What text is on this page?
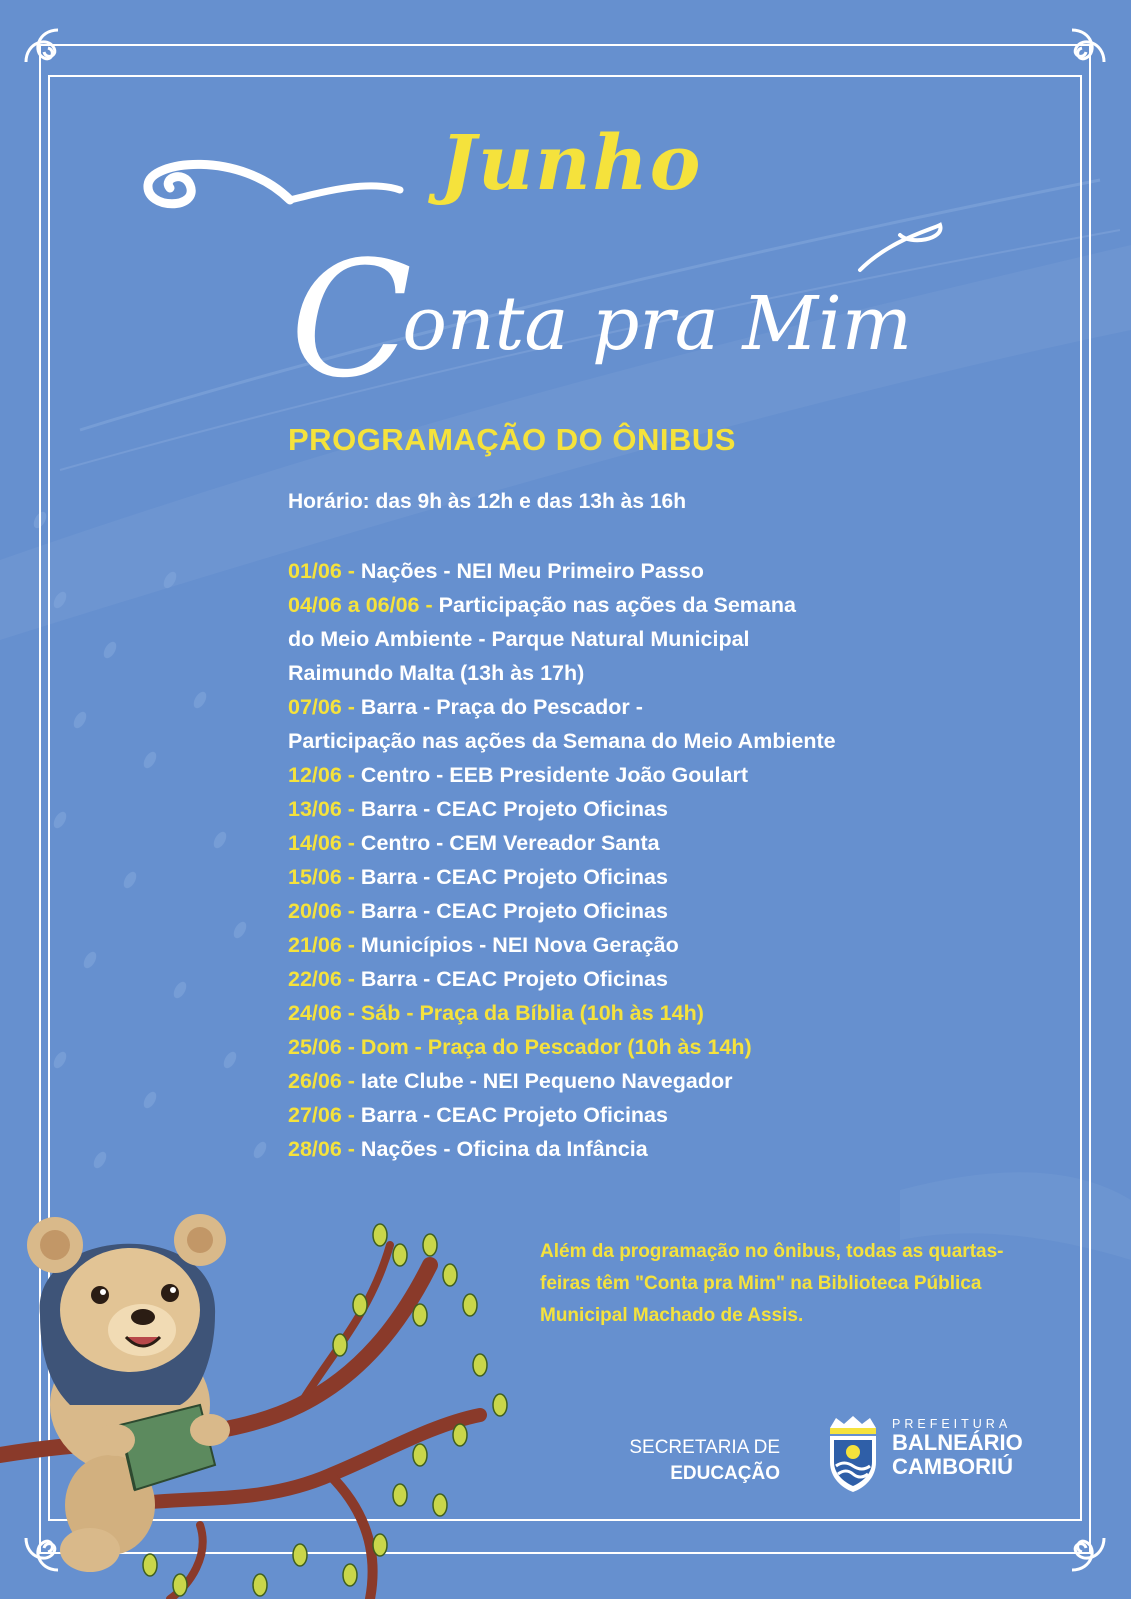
Junho
Conta pra Mim
PROGRAMAÇÃO DO ÔNIBUS
Horário: das 9h às 12h e das 13h às 16h
01/06 - Nações - NEI Meu Primeiro Passo
04/06 a 06/06 - Participação nas ações da Semana
do Meio Ambiente - Parque Natural Municipal
Raimundo Malta (13h às 17h)
07/06 - Barra - Praça do Pescador -
Participação nas ações da Semana do Meio Ambiente
12/06 - Centro - EEB Presidente João Goulart
13/06 - Barra - CEAC Projeto Oficinas
14/06 - Centro - CEM Vereador Santa
15/06 - Barra - CEAC Projeto Oficinas
20/06 - Barra - CEAC Projeto Oficinas
21/06 - Municípios - NEI Nova Geração
22/06 - Barra - CEAC Projeto Oficinas
24/06 - Sáb - Praça da Bíblia (10h às 14h)
25/06 - Dom - Praça do Pescador (10h às 14h)
26/06 - Iate Clube - NEI Pequeno Navegador
27/06 - Barra - CEAC Projeto Oficinas
28/06 - Nações - Oficina da Infância
Além da programação no ônibus, todas as quartas-feiras têm "Conta pra Mim" na Biblioteca Pública Municipal Machado de Assis.
SECRETARIA DE
EDUCAÇÃO
PREFEITURA
BALNEÁRIO
CAMBORIÚ
